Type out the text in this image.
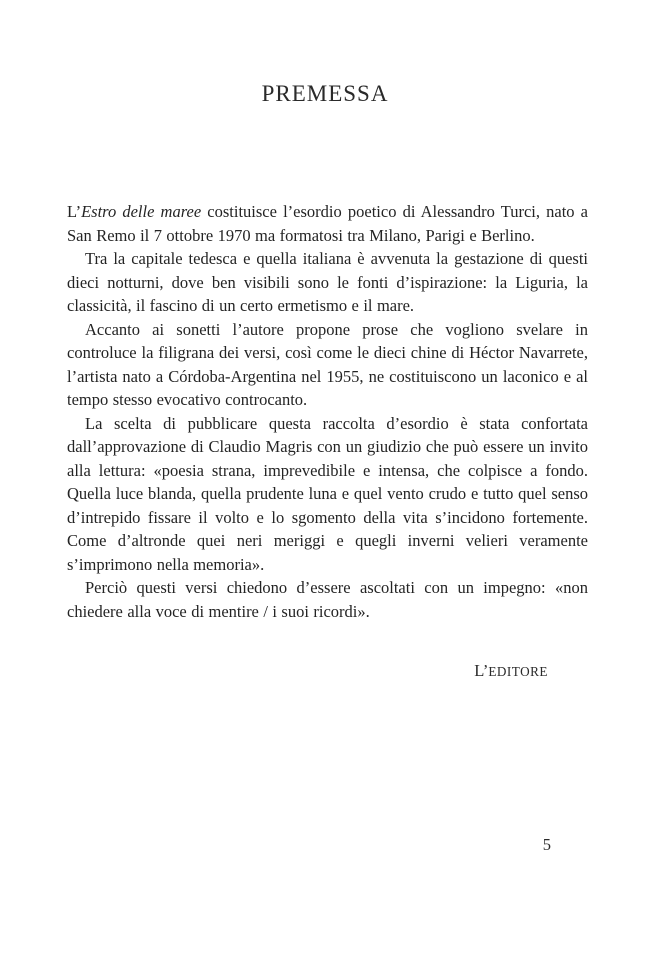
PREMESSA

L’Estro delle maree costituisce l’esordio poetico di Alessandro Turci, nato a San Remo il 7 ottobre 1970 ma formatosi tra Milano, Parigi e Berlino.

Tra la capitale tedesca e quella italiana è avvenuta la gestazione di questi dieci notturni, dove ben visibili sono le fonti d’ispirazione: la Liguria, la classicità, il fascino di un certo ermetismo e il mare.

Accanto ai sonetti l’autore propone prose che vogliono svelare in controluce la filigrana dei versi, così come le dieci chine di Héctor Navarrete, l’artista nato a Córdoba-Argentina nel 1955, ne costituiscono un laconico e al tempo stesso evocativo controcanto.

La scelta di pubblicare questa raccolta d’esordio è stata confortata dall’approvazione di Claudio Magris con un giudizio che può essere un invito alla lettura: «poesia strana, imprevedibile e intensa, che colpisce a fondo. Quella luce blanda, quella prudente luna e quel vento crudo e tutto quel senso d’intrepido fissare il volto e lo sgomento della vita s’incidono fortemente. Come d’altronde quei neri meriggi e quegli inverni velieri veramente s’imprimono nella memoria».

Perciò questi versi chiedono d’essere ascoltati con un impegno: «non chiedere alla voce di mentire / i suoi ricordi».

L’EDITORE
5
